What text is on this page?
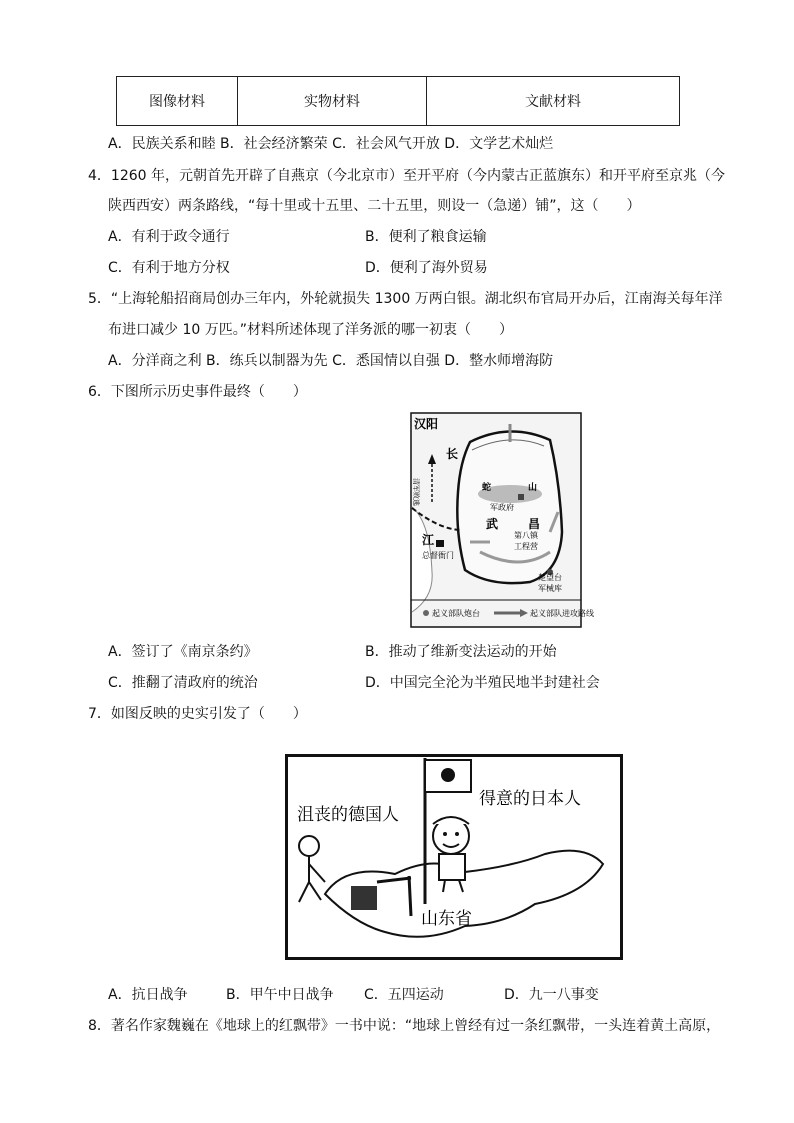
图像材料	实物材料	文献材料
A．民族关系和睦 B．社会经济繁荣 C．社会风气开放 D．文学艺术灿烂
4．1260 年，元朝首先开辟了自燕京（今北京市）至开平府（今内蒙古正蓝旗东）和开平府至京兆（今
陕西西安）两条路线，“每十里或十五里、二十五里，则设一（急递）铺”，这（　　）
A．有利于政令通行	B．便利了粮食运输
C．有利于地方分权	D．便利了海外贸易
5．“上海轮船招商局创办三年内，外轮就损失 1300 万两白银。湖北织布官局开办后，江南海关每年洋
布进口减少 10 万匹。”材料所述体现了洋务派的哪一初衷（　　）
A．分洋商之利 B．练兵以制器为先 C．悉国情以自强 D．整水师增海防
6．下图所示历史事件最终（　　）
汉阳
长
清军败逃	蛇	山
军政府
武 昌
江	第八镇
工程营
总督衙门
楚望台
军械库
起义部队炮台	起义部队进攻路线
A．签订了《南京条约》	B．推动了维新变法运动的开始
C．推翻了清政府的统治	D．中国完全沦为半殖民地半封建社会
7．如图反映的史实引发了（　　）
沮丧的德国人
得意的日本人
山东省
A．抗日战争	B．甲午中日战争 C．五四运动	D．九一八事变
8．著名作家魏巍在《地球上的红飘带》一书中说：“地球上曾经有过一条红飘带，一头连着黄土高原，
